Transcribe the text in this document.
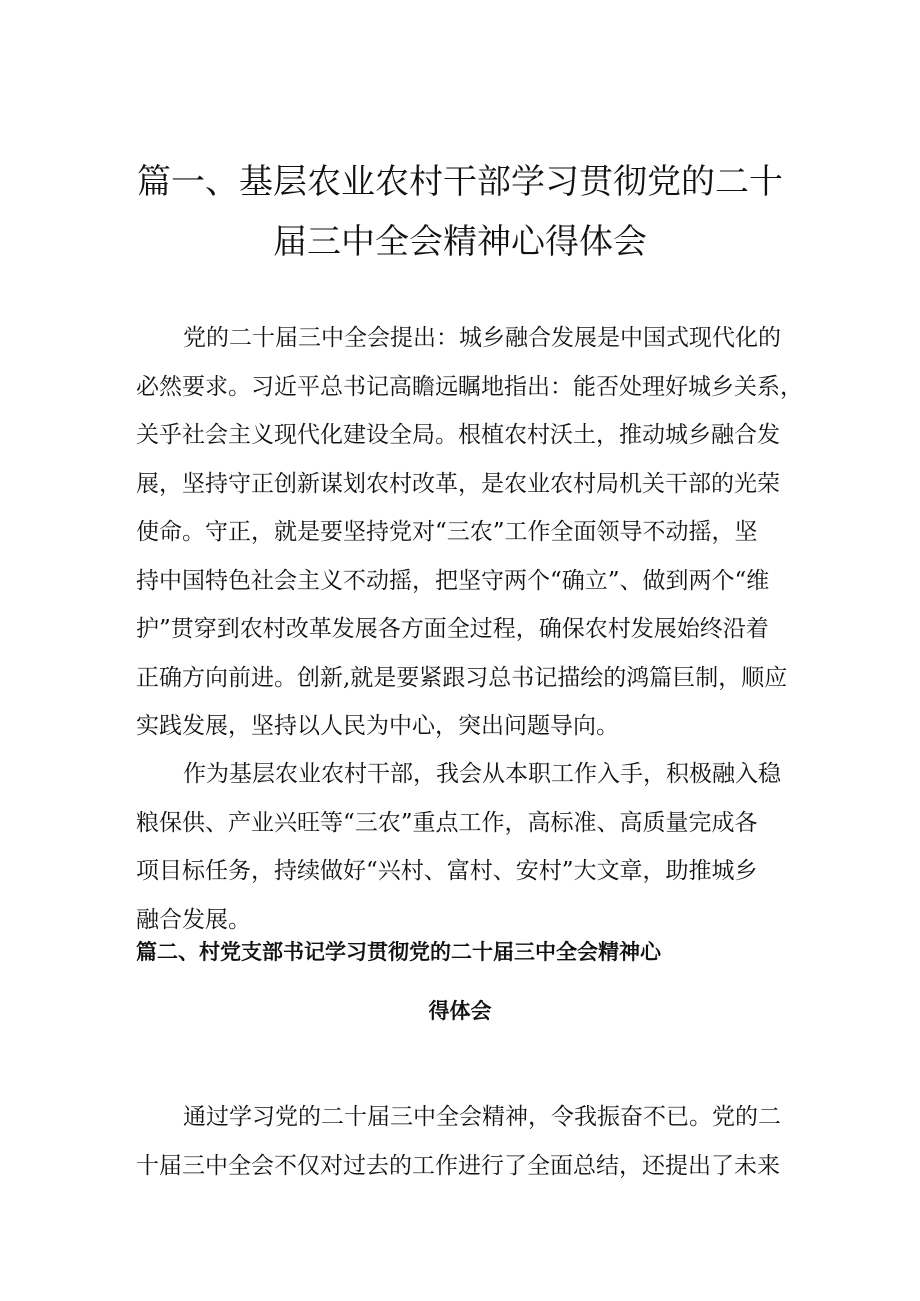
篇一、基层农业农村干部学习贯彻党的二十
届三中全会精神心得体会

党的二十届三中全会提出：城乡融合发展是中国式现代化的
必然要求。习近平总书记高瞻远瞩地指出：能否处理好城乡关系，
关乎社会主义现代化建设全局。根植农村沃土，推动城乡融合发
展，坚持守正创新谋划农村改革，是农业农村局机关干部的光荣
使命。守正，就是要坚持党对“三农”工作全面领导不动摇，坚
持中国特色社会主义不动摇，把坚守两个“确立”、做到两个“维
护”贯穿到农村改革发展各方面全过程，确保农村发展始终沿着
正确方向前进。创新,就是要紧跟习总书记描绘的鸿篇巨制，顺应
实践发展，坚持以人民为中心，突出问题导向。

作为基层农业农村干部，我会从本职工作入手，积极融入稳
粮保供、产业兴旺等“三农”重点工作，高标准、高质量完成各
项目标任务，持续做好“兴村、富村、安村”大文章，助推城乡
融合发展。

篇二、村党支部书记学习贯彻党的二十届三中全会精神心
得体会

通过学习党的二十届三中全会精神，令我振奋不已。党的二
十届三中全会不仅对过去的工作进行了全面总结，还提出了未来
